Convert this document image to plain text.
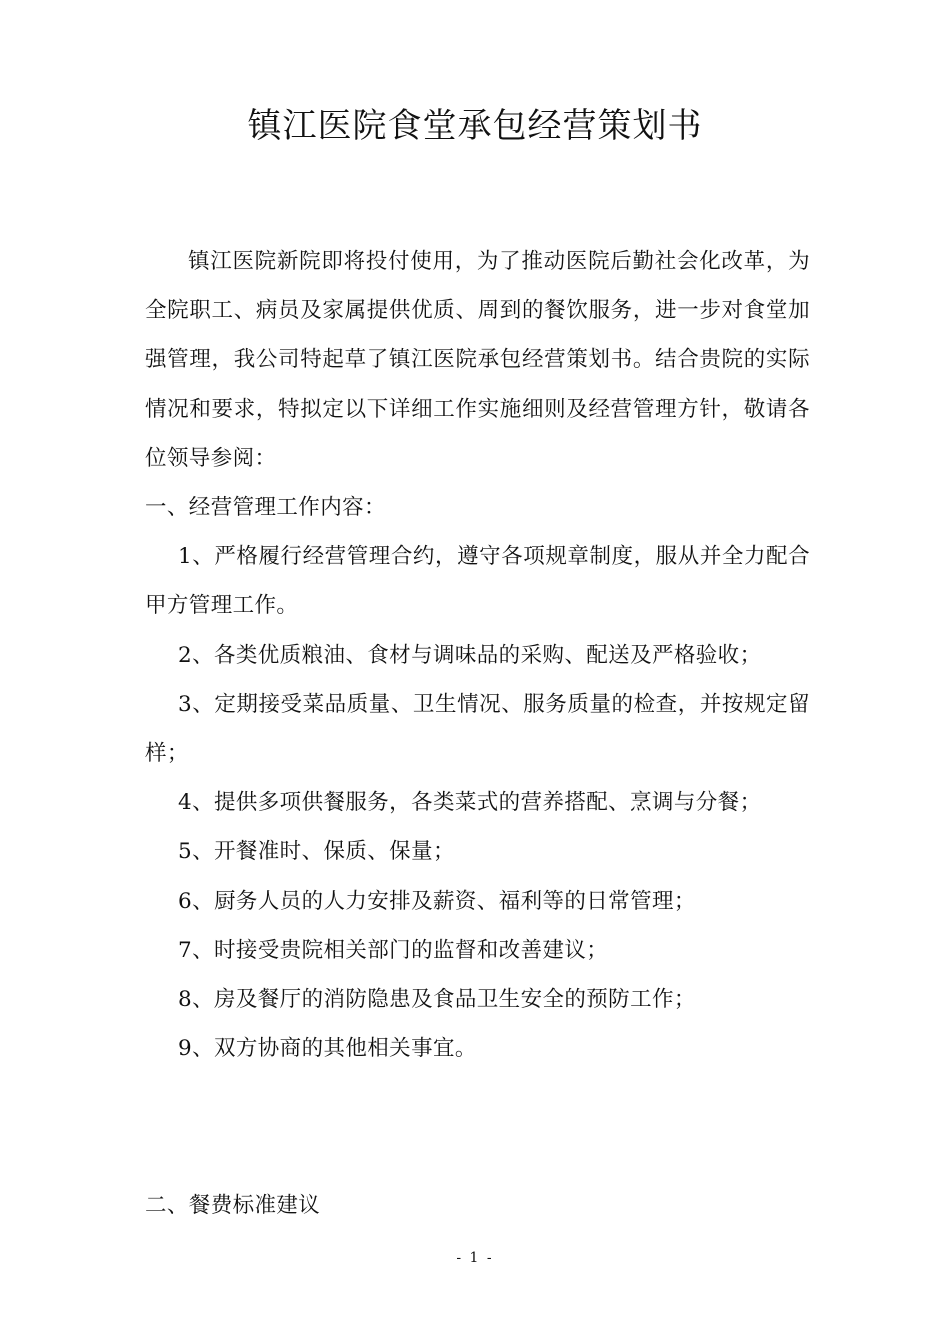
镇江医院食堂承包经营策划书

镇江医院新院即将投付使用，为了推动医院后勤社会化改革，为全院职工、病员及家属提供优质、周到的餐饮服务，进一步对食堂加强管理，我公司特起草了镇江医院承包经营策划书。结合贵院的实际情况和要求，特拟定以下详细工作实施细则及经营管理方针，敬请各位领导参阅：

一、经营管理工作内容：

1、严格履行经营管理合约，遵守各项规章制度，服从并全力配合甲方管理工作。

2、各类优质粮油、食材与调味品的采购、配送及严格验收；

3、定期接受菜品质量、卫生情况、服务质量的检查，并按规定留样；

4、提供多项供餐服务，各类菜式的营养搭配、烹调与分餐；

5、开餐准时、保质、保量；

6、厨务人员的人力安排及薪资、福利等的日常管理；

7、时接受贵院相关部门的监督和改善建议；

8、房及餐厅的消防隐患及食品卫生安全的预防工作；

9、双方协商的其他相关事宜。

二、餐费标准建议

- 1 -
